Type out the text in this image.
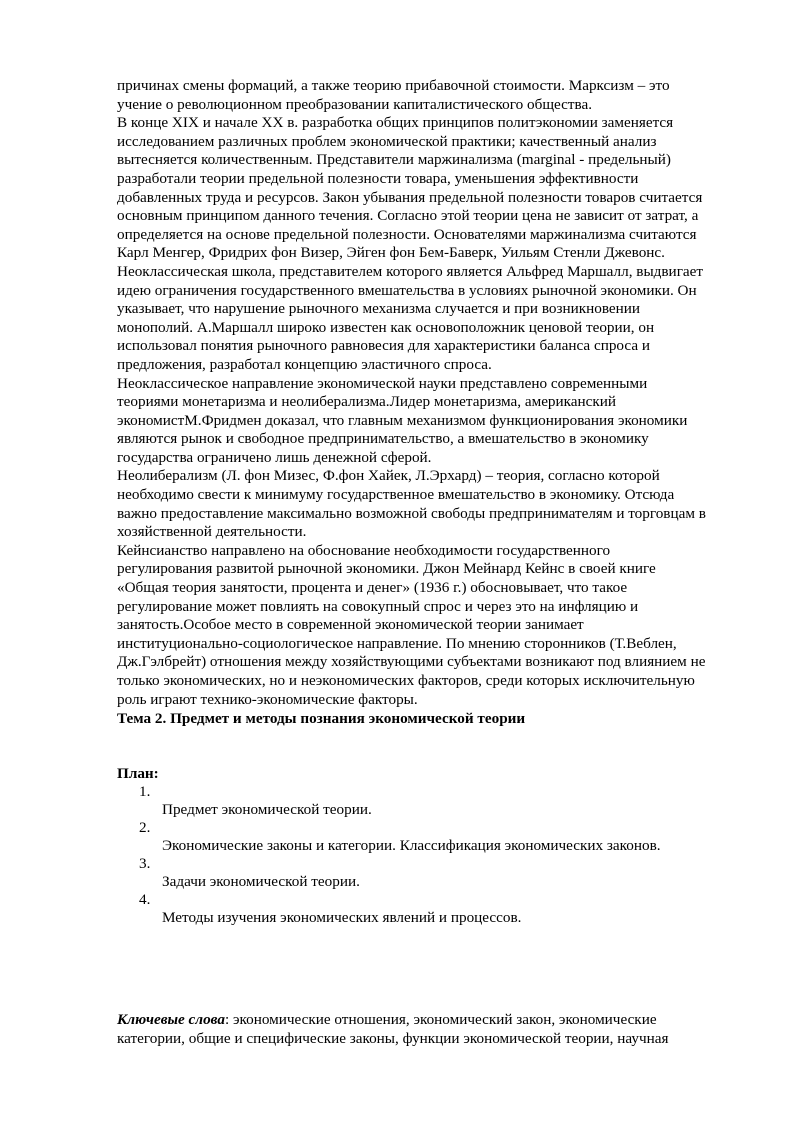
причинах смены формаций, а также теорию прибавочной стоимости. Марксизм – это
учение о революционном преобразовании капиталистического общества.
В конце XIX и начале XX в. разработка общих принципов политэкономии заменяется
исследованием различных проблем экономической практики; качественный анализ
вытесняется количественным. Представители маржинализма (marginal - предельный)
разработали теории предельной полезности товара, уменьшения эффективности
добавленных труда и ресурсов. Закон убывания предельной полезности товаров считается
основным принципом данного течения. Согласно этой теории цена не зависит от затрат, а
определяется на основе предельной полезности. Основателями маржинализма считаются
Карл Менгер, Фридрих фон Визер, Эйген фон Бем-Баверк, Уильям Стенли Джевонс.
Неоклассическая школа, представителем которого является Альфред Маршалл, выдвигает
идею ограничения государственного вмешательства в условиях рыночной экономики. Он
указывает, что нарушение рыночного механизма случается и при возникновении
монополий. А.Маршалл широко известен как основоположник ценовой теории, он
использовал понятия рыночного равновесия для характеристики баланса спроса и
предложения, разработал концепцию эластичного спроса.
Неоклассическое направление экономической науки представлено современными
теориями монетаризма и неолиберализма.Лидер монетаризма, американский
экономистМ.Фридмен доказал, что главным механизмом функционирования экономики
являются рынок и свободное предпринимательство, а вмешательство в экономику
государства ограничено лишь денежной сферой.
Неолиберализм (Л. фон Мизес, Ф.фон Хайек, Л.Эрхард) – теория, согласно которой
необходимо свести к минимуму государственное вмешательство в экономику. Отсюда
важно предоставление максимально возможной свободы предпринимателям и торговцам в
хозяйственной деятельности.
Кейнсианство направлено на обоснование необходимости государственного
регулирования развитой рыночной экономики. Джон Мейнард Кейнс в своей книге
«Общая теория занятости, процента и денег» (1936 г.) обосновывает, что такое
регулирование может повлиять на совокупный спрос и через это на инфляцию и
занятость.Особое место в современной экономической теории занимает
институционально-социологическое направление. По мнению сторонников (Т.Веблен,
Дж.Гэлбрейт) отношения между хозяйствующими субъектами возникают под влиянием не
только экономических, но и неэкономических факторов, среди которых исключительную
роль играют технико-экономические факторы.
Тема 2. Предмет и методы познания экономической теории
План:
1.
Предмет экономической теории.
2.
Экономические законы и категории. Классификация экономических законов.
3.
Задачи экономической теории.
4.
Методы изучения экономических явлений и процессов.
Ключевые слова: экономические отношения, экономический закон, экономические
категории, общие и специфические законы, функции экономической теории, научная
